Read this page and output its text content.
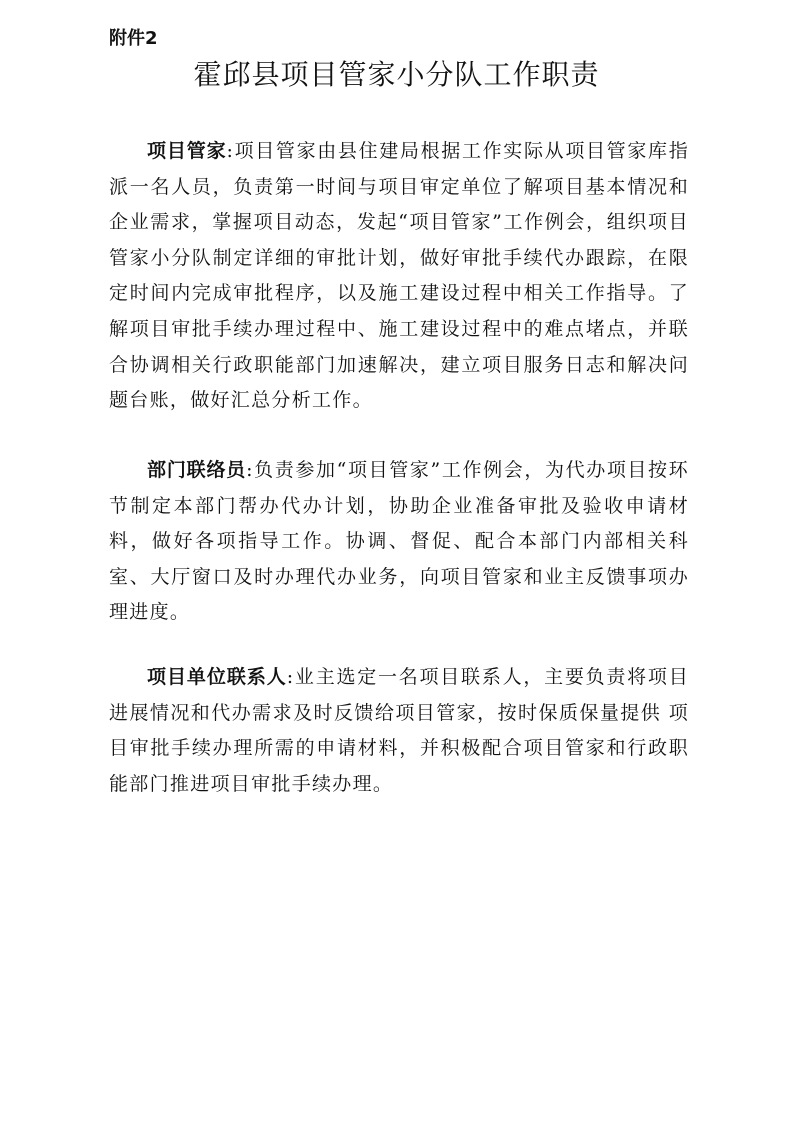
附件2
霍邱县项目管家小分队工作职责

项目管家:项目管家由县住建局根据工作实际从项目管家库指派一名人员，负责第一时间与项目审定单位了解项目基本情况和企业需求，掌握项目动态，发起“项目管家”工作例会，组织项目管家小分队制定详细的审批计划，做好审批手续代办跟踪，在限定时间内完成审批程序，以及施工建设过程中相关工作指导。了解项目审批手续办理过程中、施工建设过程中的难点堵点，并联合协调相关行政职能部门加速解决，建立项目服务日志和解决问题台账，做好汇总分析工作。

部门联络员:负责参加“项目管家”工作例会，为代办项目按环节制定本部门帮办代办计划，协助企业准备审批及验收申请材料，做好各项指导工作。协调、督促、配合本部门内部相关科室、大厅窗口及时办理代办业务，向项目管家和业主反馈事项办理进度。

项目单位联系人:业主选定一名项目联系人，主要负责将项目进展情况和代办需求及时反馈给项目管家，按时保质保量提供 项目审批手续办理所需的申请材料，并积极配合项目管家和行政职能部门推进项目审批手续办理。
